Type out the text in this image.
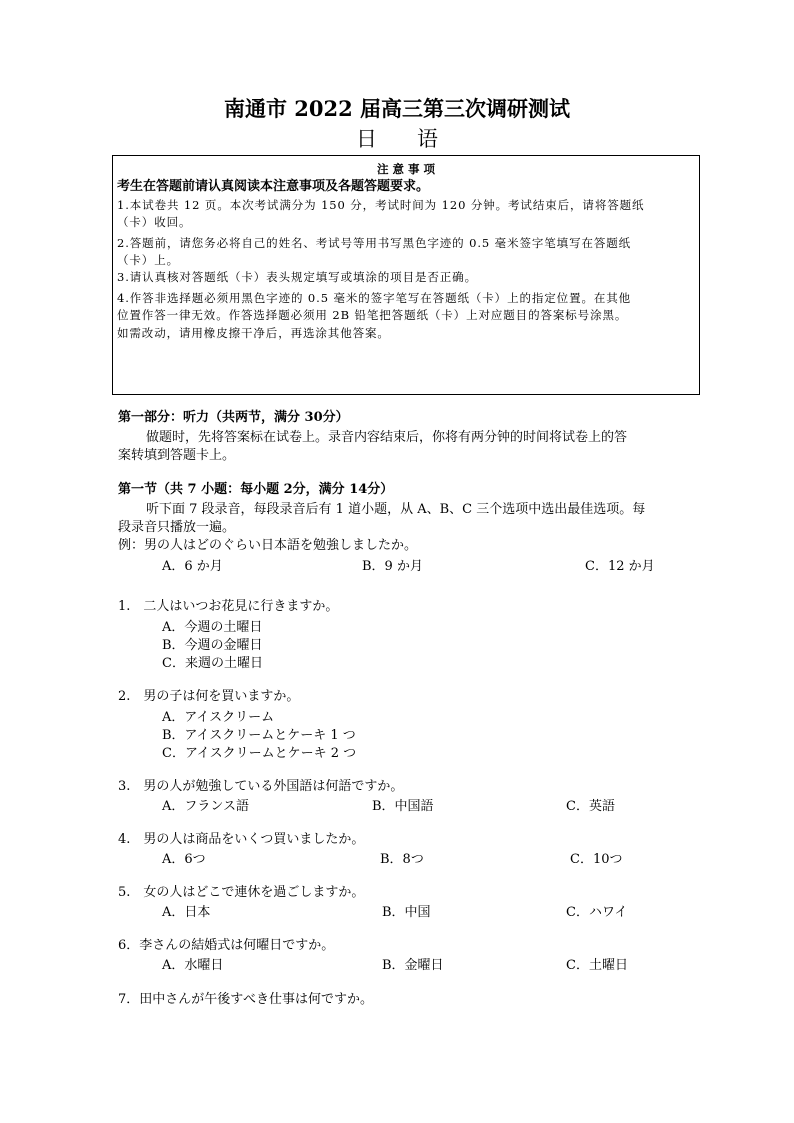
南通市 2022 届高三第三次调研测试
日语
注 意 事 项
考生在答题前请认真阅读本注意事项及各题答题要求。
1.本试卷共 12 页。本次考试满分为 150 分，考试时间为 120 分钟。考试结束后，请将答题纸
（卡）收回。
2.答题前，请您务必将自己的姓名、考试号等用书写黑色字迹的 0.5 毫米签字笔填写在答题纸
（卡）上。
3.请认真核对答题纸（卡）表头规定填写或填涂的项目是否正确。
4.作答非选择题必须用黑色字迹的 0.5 毫米的签字笔写在答题纸（卡）上的指定位置。在其他
位置作答一律无效。作答选择题必须用 2B 铅笔把答题纸（卡）上对应题目的答案标号涂黑。
如需改动，请用橡皮擦干净后，再选涂其他答案。
第一部分：听力（共两节，满分 30分）
做题时，先将答案标在试卷上。录音内容结束后，你将有两分钟的时间将试卷上的答
案转填到答题卡上。
第一节（共 7 小题：每小题 2分，满分 14分）
听下面 7 段录音，每段录音后有 1 道小题，从 A、B、C 三个选项中选出最佳选项。每
段录音只播放一遍。
例：男の人はどのぐらい日本語を勉強しましたか。
A．6 か月	B．9 か月	C．12 か月
1.　二人はいつお花見に行きますか。
A．今週の土曜日
B．今週の金曜日
C．来週の土曜日
2.　男の子は何を買いますか。
A．アイスクリーム
B．アイスクリームとケーキ 1 つ
C．アイスクリームとケーキ 2 つ
3.　男の人が勉強している外国語は何語ですか。
A．フランス語	B．中国語	C．英語
4.　男の人は商品をいくつ買いましたか。
A．6つ	B．8つ	C．10つ
5.　女の人はどこで連休を過ごしますか。
A．日本	B．中国	C．ハワイ
6．李さんの結婚式は何曜日ですか。
A．水曜日	B．金曜日	C．土曜日
7．田中さんが午後すべき仕事は何ですか。
